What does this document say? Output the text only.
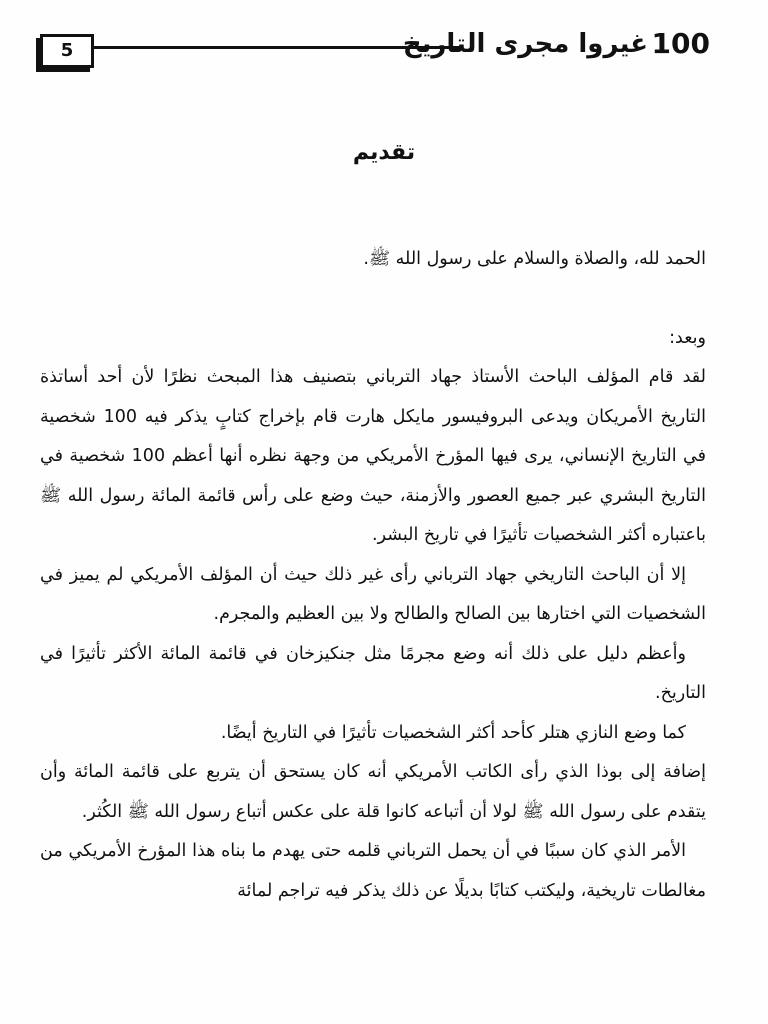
5	غيروا مجرى التاريخ 100
تقديم

الحمد لله، والصلاة والسلام على رسول الله ﷺ.

وبعد:

لقد قام المؤلف الباحث الأستاذ جهاد الترباني بتصنيف هذا المبحث نظرًا لأن أحد أساتذة التاريخ الأمريكان ويدعى البروفيسور مايكل هارت قام بإخراج كتابٍ يذكر فيه 100 شخصية في التاريخ الإنساني، يرى فيها المؤرخ الأمريكي من وجهة نظره أنها أعظم 100 شخصية في التاريخ البشري عبر جميع العصور والأزمنة، حيث وضع على رأس قائمة المائة رسول الله ﷺ باعتباره أكثر الشخصيات تأثيرًا في تاريخ البشر.

إلا أن الباحث التاريخي جهاد الترباني رأى غير ذلك حيث أن المؤلف الأمريكي لم يميز في الشخصيات التي اختارها بين الصالح والطالح ولا بين العظيم والمجرم.

وأعظم دليل على ذلك أنه وضع مجرمًا مثل جنكيزخان في قائمة المائة الأكثر تأثيرًا في التاريخ.

كما وضع النازي هتلر كأحد أكثر الشخصيات تأثيرًا في التاريخ أيضًا.

إضافة إلى بوذا الذي رأى الكاتب الأمريكي أنه كان يستحق أن يتربع على قائمة المائة وأن يتقدم على رسول الله ﷺ لولا أن أتباعه كانوا قلة على عكس أتباع رسول الله ﷺ الكُثر.

الأمر الذي كان سببًا في أن يحمل الترباني قلمه حتى يهدم ما بناه هذا المؤرخ الأمريكي من مغالطات تاريخية، وليكتب كتابًا بديلًا عن ذلك يذكر فيه تراجم لمائة
